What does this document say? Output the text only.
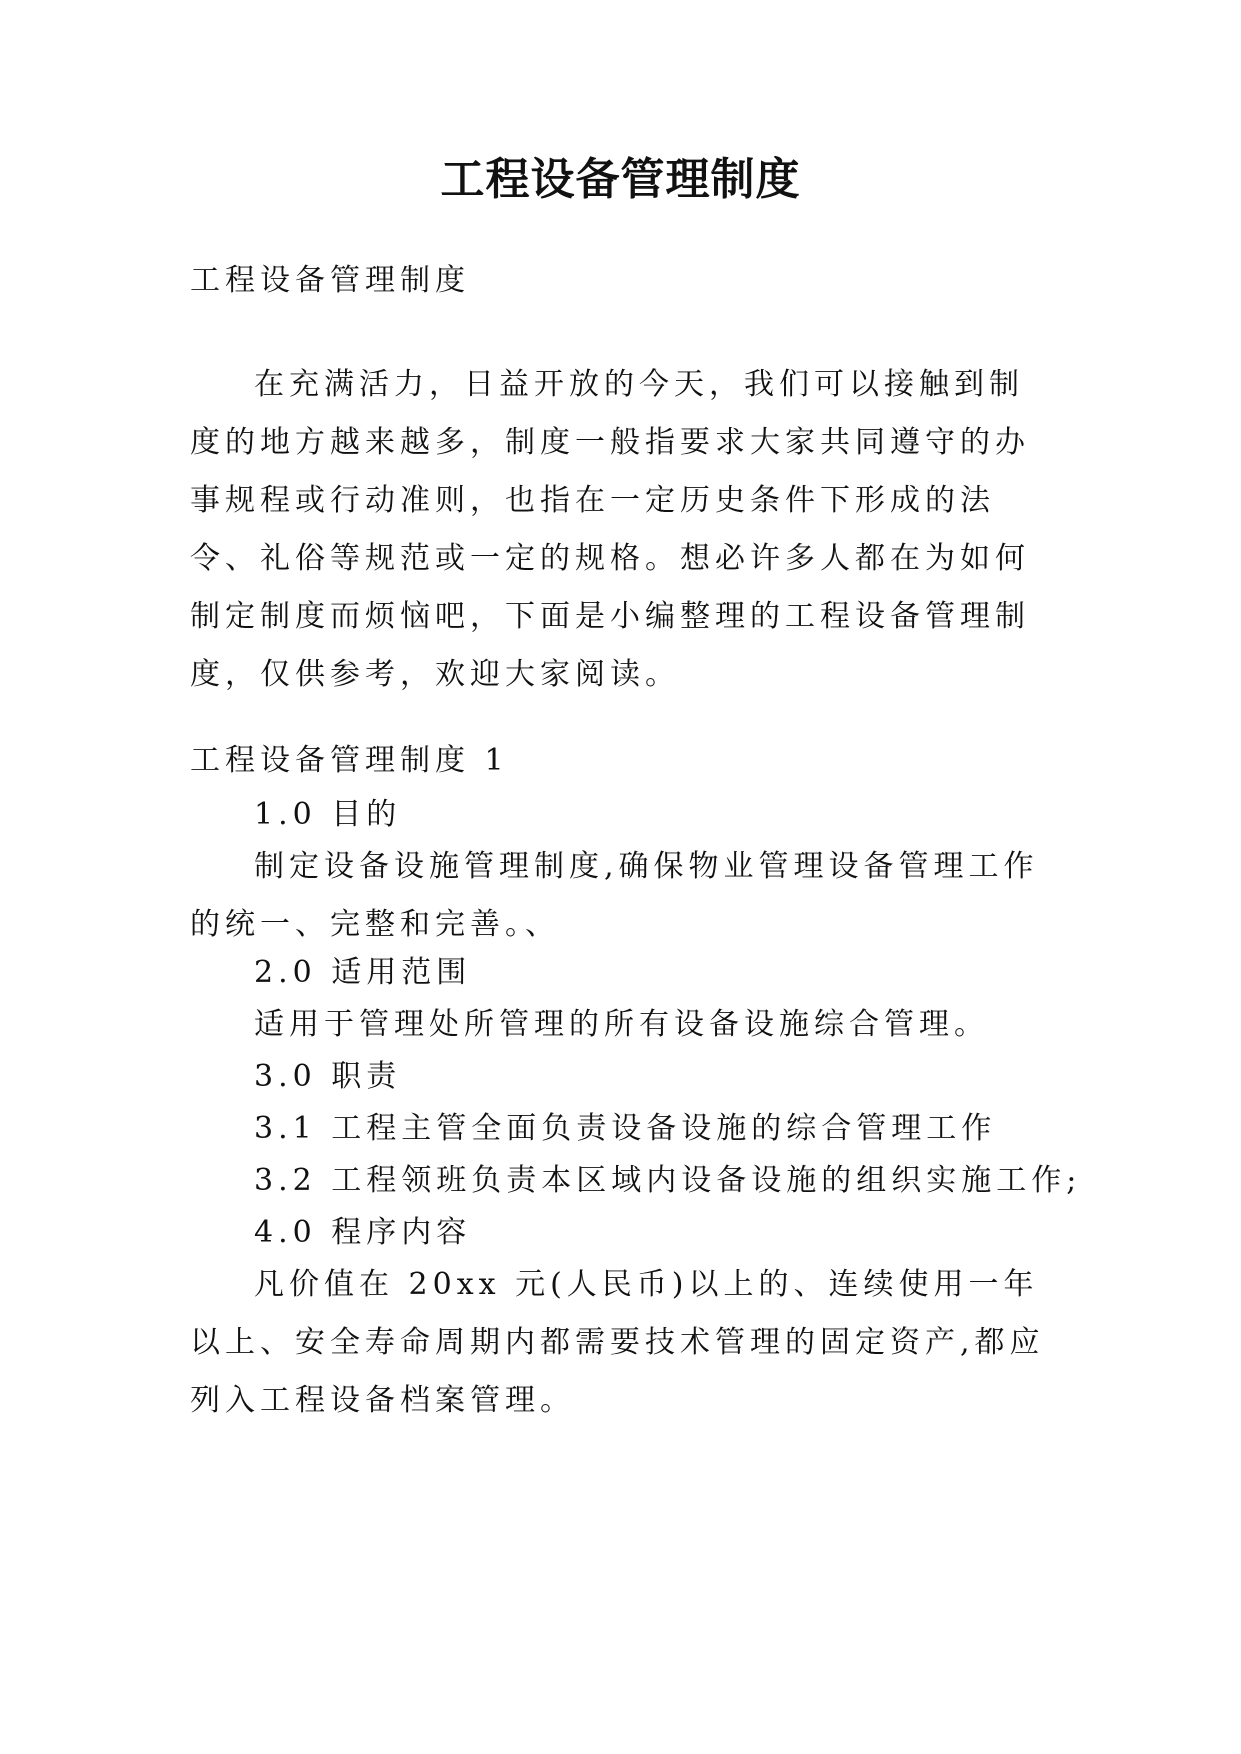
工程设备管理制度

工程设备管理制度

在充满活力，日益开放的今天，我们可以接触到制度的地方越来越多，制度一般指要求大家共同遵守的办事规程或行动准则，也指在一定历史条件下形成的法令、礼俗等规范或一定的规格。想必许多人都在为如何制定制度而烦恼吧，下面是小编整理的工程设备管理制度，仅供参考，欢迎大家阅读。

工程设备管理制度 1

1.0 目的

制定设备设施管理制度,确保物业管理设备管理工作的统一、完整和完善。、

2.0 适用范围

适用于管理处所管理的所有设备设施综合管理。

3.0 职责

3.1 工程主管全面负责设备设施的综合管理工作

3.2 工程领班负责本区域内设备设施的组织实施工作;

4.0 程序内容

凡价值在 20xx 元(人民币)以上的、连续使用一年以上、安全寿命周期内都需要技术管理的固定资产,都应列入工程设备档案管理。
